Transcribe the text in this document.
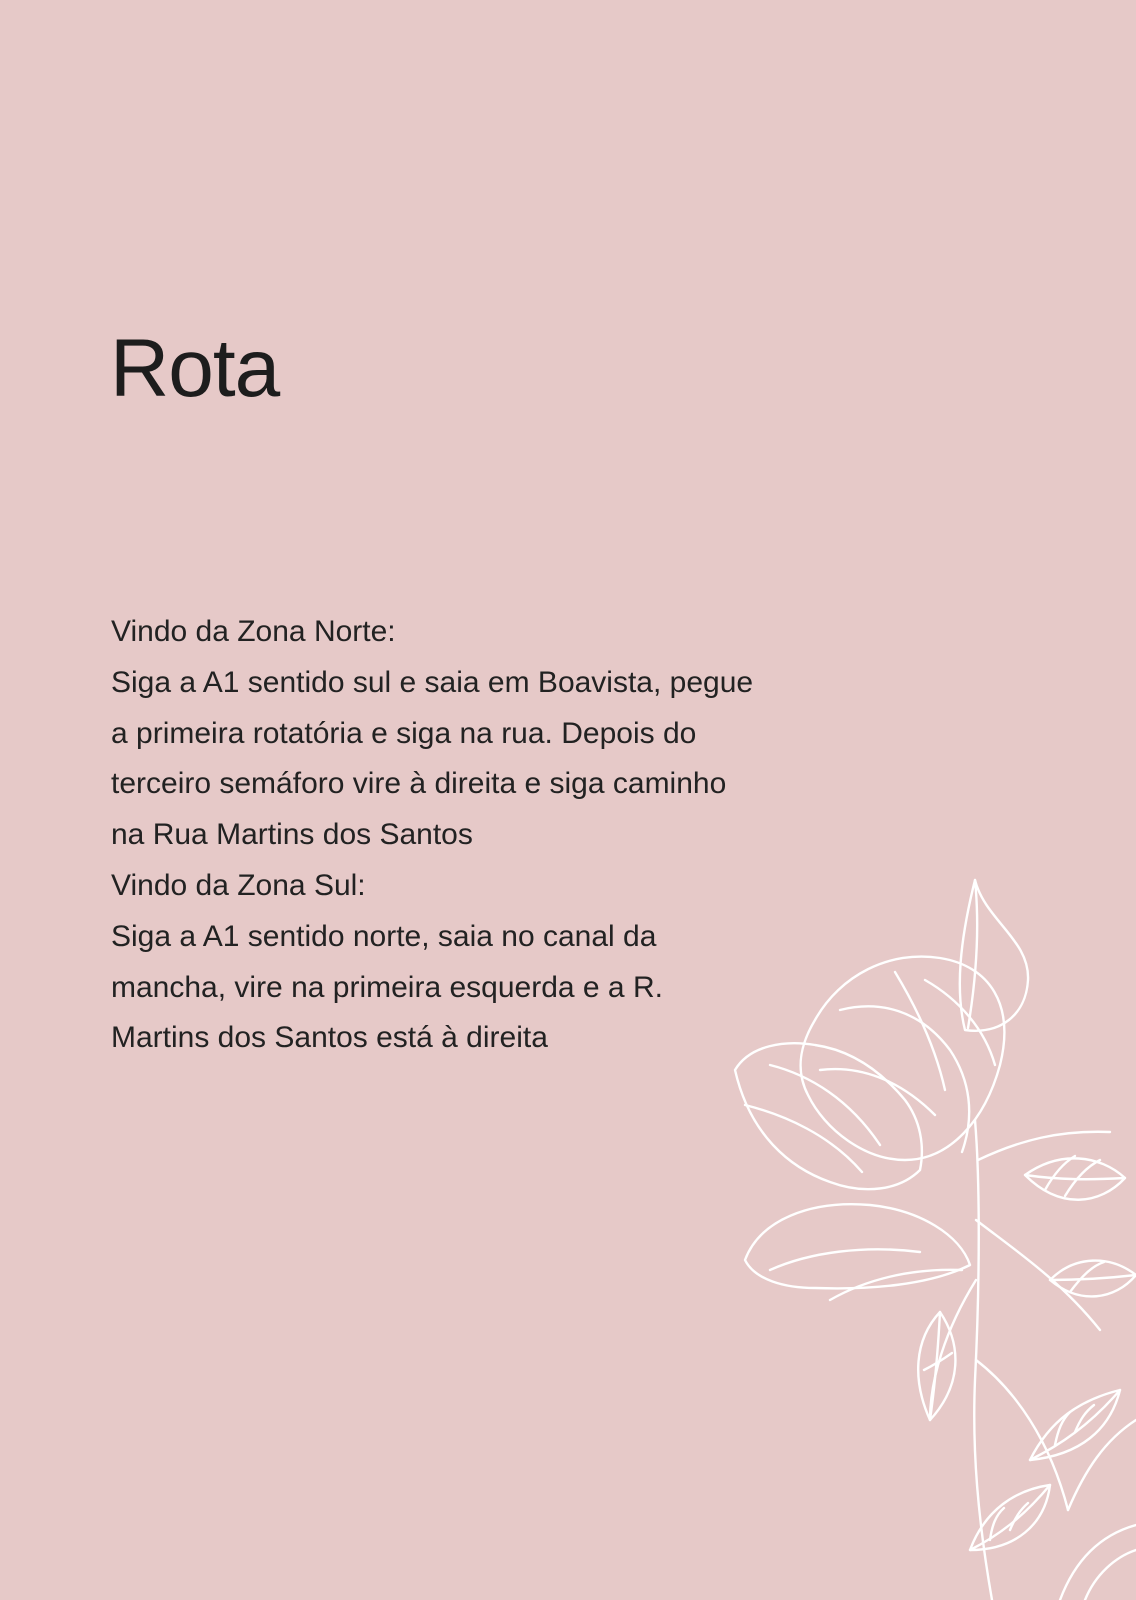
Rota

Vindo da Zona Norte:

Siga a A1 sentido sul e saia em Boavista, pegue
a primeira rotatória e siga na rua. Depois do
terceiro semáforo vire à direita e siga caminho
na Rua Martins dos Santos

Vindo da Zona Sul:

Siga a A1 sentido norte, saia no canal da
mancha, vire na primeira esquerda e a R.
Martins dos Santos está à direita
